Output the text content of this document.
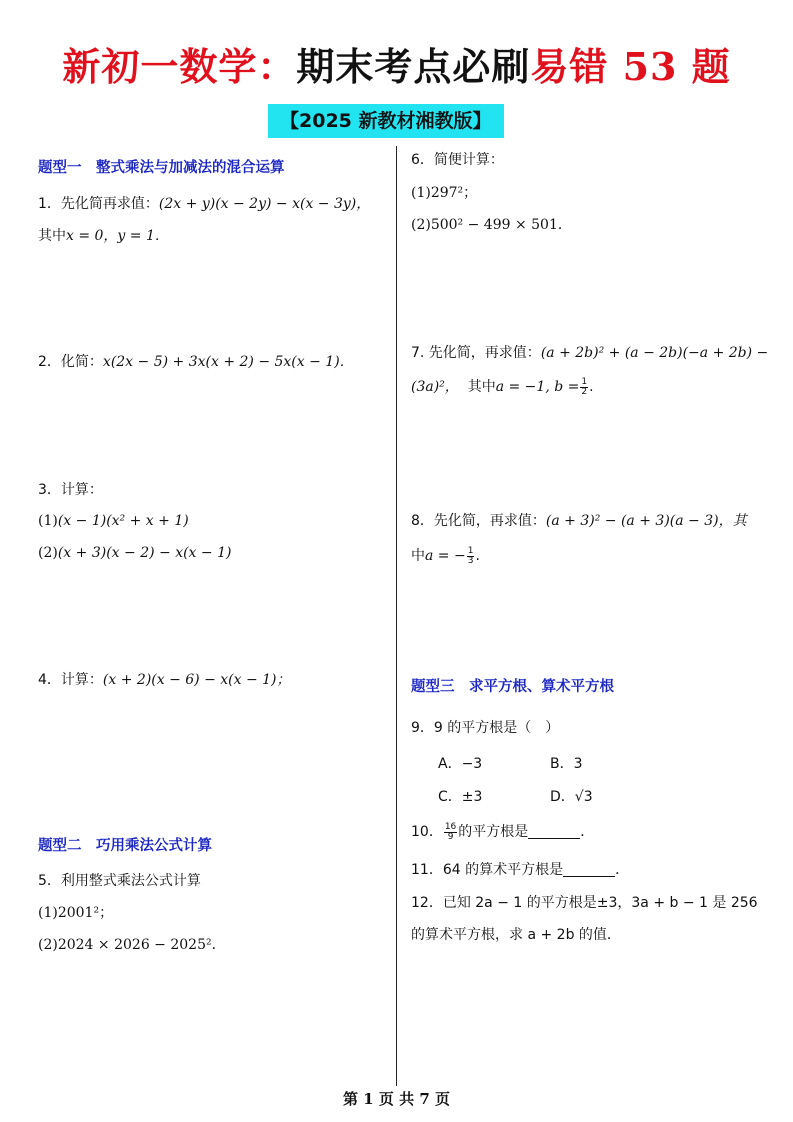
新初一数学：期末考点必刷易错 53 题
【2025 新教材湘教版】
题型一　整式乘法与加减法的混合运算
1．先化简再求值：(2x + y)(x − 2y) − x(x − 3y)，
其中x = 0，y = 1．
2．化简：x(2x − 5) + 3x(x + 2) − 5x(x − 1)．
3．计算：
(1)(x − 1)(x² + x + 1)
(2)(x + 3)(x − 2) − x(x − 1)
4．计算：(x + 2)(x − 6) − x(x − 1)；
题型二　巧用乘法公式计算
5．利用整式乘法公式计算
(1)2001²；
(2)2024 × 2026 − 2025²．
6．简便计算：
(1)297²；
(2)500² − 499 × 501．
7. 先化简，再求值：(a + 2b)² + (a − 2b)(−a + 2b) −
(3a)²， 其中a = −1, $b = \frac{1}{2}$ .
8．先化简，再求值：(a + 3)² − (a + 3)(a − 3)，其
中a = − $\frac{1}{3}$ .
题型三　求平方根、算术平方根
9．9 的平方根是（　）
A．−3	B．3
C．±3	D．√3
10． $\frac{16}{9}$ 的平方根是	．
11．64 的算术平方根是	．
12．已知 2a − 1 的平方根是±3，3a + b − 1 是 256
的算术平方根，求 a + 2b 的值．
第 1 页 共 7 页
